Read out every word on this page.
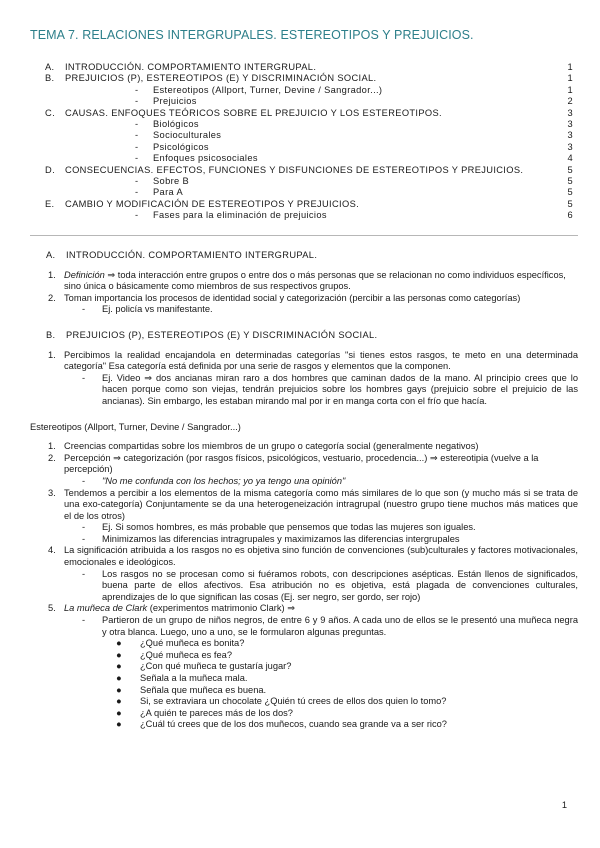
TEMA 7. RELACIONES INTERGRUPALES. ESTEREOTIPOS Y PREJUICIOS.
A. INTRODUCCIÓN. COMPORTAMIENTO INTERGRUPAL.	1
B. PREJUICIOS (P), ESTEREOTIPOS (E) Y DISCRIMINACIÓN SOCIAL.	1
- Estereotipos (Allport, Turner, Devine / Sangrador...)	1
- Prejuicios	2
C. CAUSAS. ENFOQUES TEÓRICOS SOBRE EL PREJUICIO Y LOS ESTEREOTIPOS.	3
- Biológicos	3
- Socioculturales	3
- Psicológicos	3
- Enfoques psicosociales	4
D. CONSECUENCIAS. EFECTOS, FUNCIONES Y DISFUNCIONES DE ESTEREOTIPOS Y PREJUICIOS.	5
- Sobre B	5
- Para A	5
E. CAMBIO Y MODIFICACIÓN DE ESTEREOTIPOS Y PREJUICIOS.	5
- Fases para la eliminación de prejuicios	6
A.	INTRODUCCIÓN. COMPORTAMIENTO INTERGRUPAL.
1. Definición ⇒ toda interacción entre grupos o entre dos o más personas que se relacionan no como individuos específicos, sino única o básicamente como miembros de sus respectivos grupos.
2. Toman importancia los procesos de identidad social y categorización (percibir a las personas como categorías)
-	Ej. policía vs manifestante.
B.	PREJUICIOS (P), ESTEREOTIPOS (E) Y DISCRIMINACIÓN SOCIAL.
1. Percibimos la realidad encajandola en determinadas categorías "si tienes estos rasgos, te meto en una determinada categoría" Esa categoría está definida por una serie de rasgos y elementos que la componen.
-	Ej. Video ⇒ dos ancianas miran raro a dos hombres que caminan dados de la mano. Al principio crees que lo hacen porque como son viejas, tendrán prejuicios sobre los hombres gays (prejuicio sobre el prejuicio de las ancianas). Sin embargo, les estaban mirando mal por ir en manga corta con el frío que hacía.
Estereotipos (Allport, Turner, Devine / Sangrador...)
1. Creencias compartidas sobre los miembros de un grupo o categoría social (generalmente negativos)
2. Percepción ⇒ categorización (por rasgos físicos, psicológicos, vestuario, procedencia...) ⇒ estereotipia (vuelve a la percepción)
-	"No me confunda con los hechos; yo ya tengo una opinión"
3. Tendemos a percibir a los elementos de la misma categoría como más similares de lo que son (y mucho más si se trata de una exo-categoría) Conjuntamente se da una heterogeneización intragrupal (nuestro grupo tiene muchos más matices que el de los otros)
-	Ej. Si somos hombres, es más probable que pensemos que todas las mujeres son iguales.
-	Minimizamos las diferencias intragrupales y maximizamos las diferencias intergrupales
4. La significación atribuida a los rasgos no es objetiva sino función de convenciones (sub)culturales y factores motivacionales, emocionales e ideológicos.
-	Los rasgos no se procesan como si fuéramos robots, con descripciones asépticas. Están llenos de significados, buena parte de ellos afectivos. Esa atribución no es objetiva, está plagada de convenciones culturales, aprendizajes de lo que significan las cosas (Ej. ser negro, ser gordo, ser rojo)
5. La muñeca de Clark (experimentos matrimonio Clark) ⇒
-	Partieron de un grupo de niños negros, de entre 6 y 9 años. A cada uno de ellos se le presentó una muñeca negra y otra blanca. Luego, uno a uno, se le formularon algunas preguntas.
●	¿Qué muñeca es bonita?
●	¿Qué muñeca es fea?
●	¿Con qué muñeca te gustaría jugar?
●	Señala a la muñeca mala.
●	Señala que muñeca es buena.
●	Si, se extraviara un chocolate ¿Quién tú crees de ellos dos quien lo tomo?
●	¿A quién te pareces más de los dos?
●	¿Cuál tú crees que de los dos muñecos, cuando sea grande va a ser rico?
1
